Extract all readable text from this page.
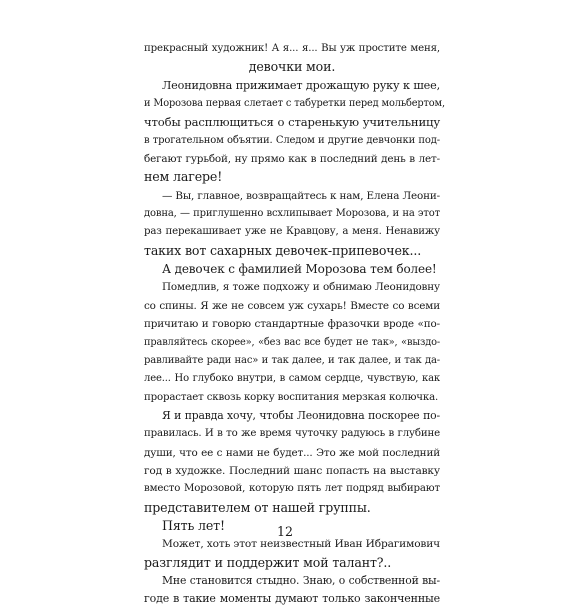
прекрасный художник! А я... я... Вы уж простите меня,
девочки мои.
Леонидовна прижимает дрожащую руку к шее,
и Морозова первая слетает с табуретки перед мольбертом,
чтобы расплющиться о старенькую учительницу
в трогательном объятии. Следом и другие девчонки под-
бегают гурьбой, ну прямо как в последний день в лет-
нем лагере!
— Вы, главное, возвращайтесь к нам, Елена Леони-
довна, — приглушенно всхлипывает Морозова, и на этот
раз перекашивает уже не Кравцову, а меня. Ненавижу
таких вот сахарных девочек-припевочек...
А девочек с фамилией Морозова тем более!
Помедлив, я тоже подхожу и обнимаю Леонидовну
со спины. Я же не совсем уж сухарь! Вместе со всеми
причитаю и говорю стандартные фразочки вроде «по-
правляйтесь скорее», «без вас все будет не так», «выздо-
равливайте ради нас» и так далее, и так далее, и так да-
лее... Но глубоко внутри, в самом сердце, чувствую, как
прорастает сквозь корку воспитания мерзкая колючка.
Я и правда хочу, чтобы Леонидовна поскорее по-
правилась. И в то же время чуточку радуюсь в глубине
души, что ее с нами не будет... Это же мой последний
год в художке. Последний шанс попасть на выставку
вместо Морозовой, которую пять лет подряд выбирают
представителем от нашей группы.
Пять лет!
Может, хоть этот неизвестный Иван Ибрагимович
разглядит и поддержит мой талант?..
Мне становится стыдно. Знаю, о собственной вы-
годе в такие моменты думают только законченные
12
